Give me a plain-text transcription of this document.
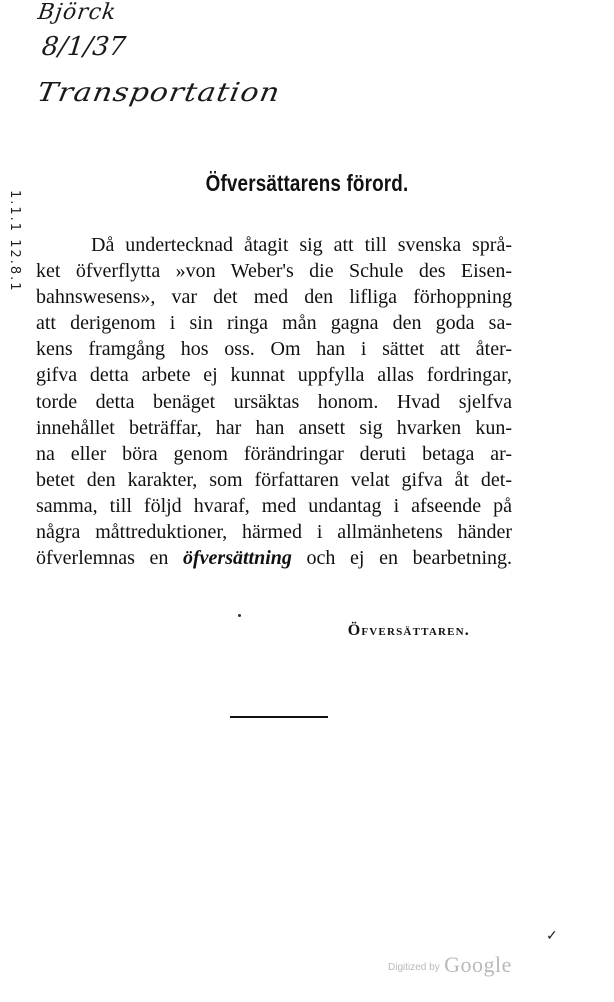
Björck
8/1/37
Transportation
1.1.1 12.8.1
Öfversättarens förord.
Då undertecknad åtagit sig att till svenska språ-
ket öfverflytta »von Weber's die Schule des Eisen-
bahnswesens», var det med den lifliga förhoppning
att derigenom i sin ringa mån gagna den goda sa-
kens framgång hos oss. Om han i sättet att åter-
gifva detta arbete ej kunnat uppfylla allas fordringar,
torde detta benäget ursäktas honom. Hvad sjelfva
innehållet beträffar, har han ansett sig hvarken kun-
na eller böra genom förändringar deruti betaga ar-
betet den karakter, som författaren velat gifva åt det-
samma, till följd hvaraf, med undantag i afseende på
några måttreduktioner, härmed i allmänhetens händer
öfverlemnas en öfversättning och ej en bearbetning.
Öfversättaren.
✓
Digitized by Google
